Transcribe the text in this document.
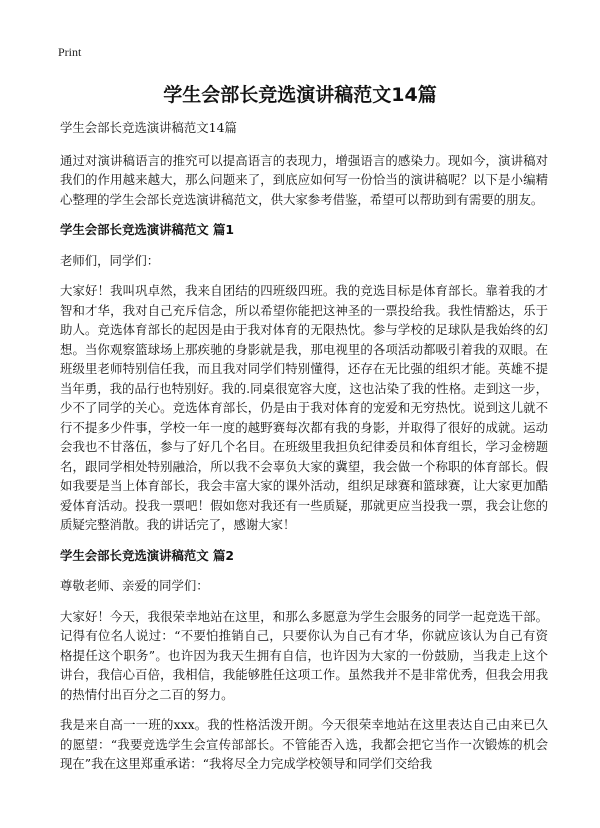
Print
学生会部长竞选演讲稿范文14篇

学生会部长竞选演讲稿范文14篇

通过对演讲稿语言的推究可以提高语言的表现力，增强语言的感染力。现如今，演讲稿对我们的作用越来越大，那么问题来了，到底应如何写一份恰当的演讲稿呢？以下是小编精心整理的学生会部长竞选演讲稿范文，供大家参考借鉴，希望可以帮助到有需要的朋友。

学生会部长竞选演讲稿范文 篇1

老师们，同学们：

大家好！我叫巩卓然，我来自团结的四班级四班。我的竞选目标是体育部长。靠着我的才智和才华，我对自己充斥信念，所以希望你能把这神圣的一票投给我。我性情豁达，乐于助人。竞选体育部长的起因是由于我对体育的无限热忱。参与学校的足球队是我始终的幻想。当你观察篮球场上那疾驰的身影就是我，那电视里的各项活动都吸引着我的双眼。在班级里老师特别信任我，而且我对同学们特别懂得，还存在无比强的组织才能。英雄不提当年勇，我的品行也特别好。我的.同桌很宽容大度，这也沾染了我的性格。走到这一步，少不了同学的关心。竞选体育部长，仍是由于我对体育的宠爱和无穷热忱。说到这儿就不行不提多少件事，学校一年一度的越野赛每次都有我的身影，并取得了很好的成就。运动会我也不甘落伍，参与了好几个名目。在班级里我担负纪律委员和体育组长，学习金榜题名，跟同学相处特别融洽，所以我不会辜负大家的冀望，我会做一个称职的体育部长。假如我要是当上体育部长，我会丰富大家的课外活动，组织足球赛和篮球赛，让大家更加酷爱体育活动。投我一票吧！假如您对我还有一些质疑，那就更应当投我一票，我会让您的质疑完整消散。我的讲话完了，感谢大家！

学生会部长竞选演讲稿范文 篇2

尊敬老师、亲爱的同学们：

大家好！今天，我很荣幸地站在这里，和那么多愿意为学生会服务的同学一起竞选干部。记得有位名人说过：“不要怕推销自己，只要你认为自己有才华，你就应该认为自己有资格提任这个职务”。也许因为我天生拥有自信，也许因为大家的一份鼓励，当我走上这个讲台，我信心百倍，我相信，我能够胜任这项工作。虽然我并不是非常优秀，但我会用我的热情付出百分之二百的努力。

我是来自高一一班的xxx。我的性格活泼开朗。今天很荣幸地站在这里表达自己由来已久的愿望：“我要竞选学生会宣传部部长。不管能否入选，我都会把它当作一次锻炼的机会现在”我在这里郑重承诺：“我将尽全力完成学校领导和同学们交给我
